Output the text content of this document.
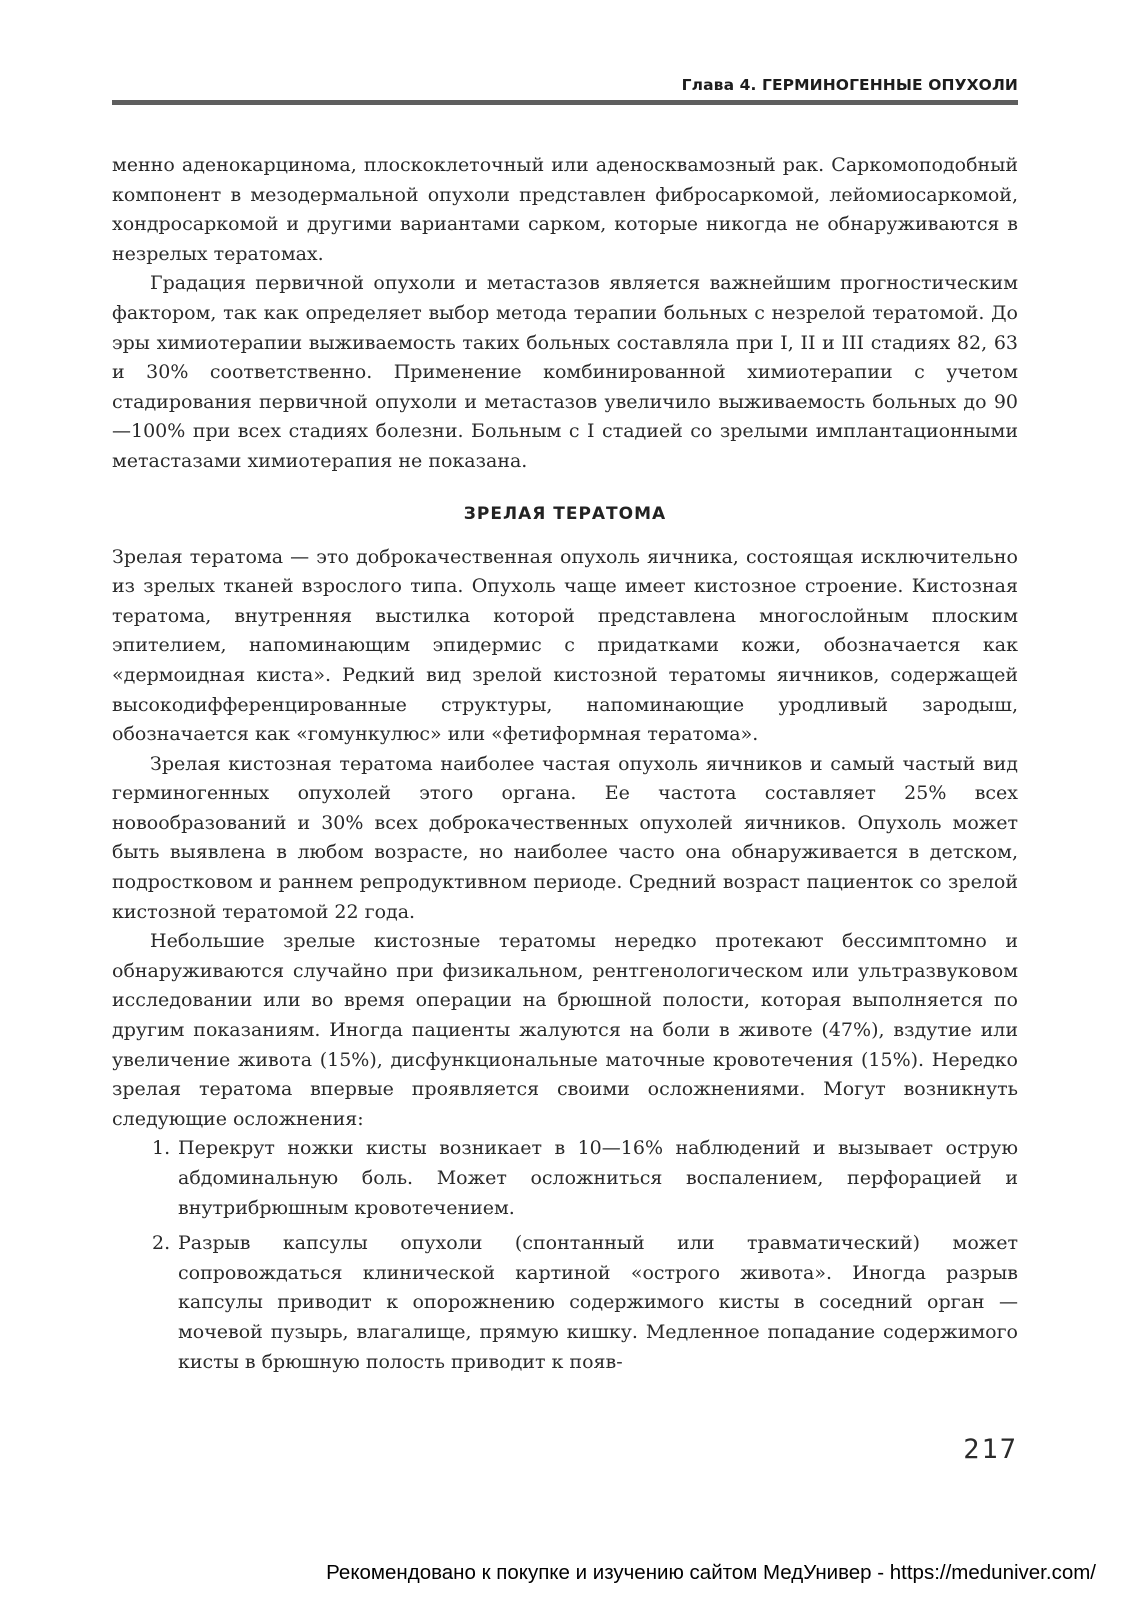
Глава 4. ГЕРМИНОГЕННЫЕ ОПУХОЛИ

менно аденокарцинома, плоскоклеточный или аденосквамозный рак. Саркомоподобный компонент в мезодермальной опухоли представлен фибросаркомой, лейомиосаркомой, хондросаркомой и другими вариантами сарком, которые никогда не обнаруживаются в незрелых тератомах.

Градация первичной опухоли и метастазов является важнейшим прогностическим фактором, так как определяет выбор метода терапии больных с незрелой тератомой. До эры химиотерапии выживаемость таких больных составляла при I, II и III стадиях 82, 63 и 30% соответственно. Применение комбинированной химиотерапии с учетом стадирования первичной опухоли и метастазов увеличило выживаемость больных до 90—100% при всех стадиях болезни. Больным с I стадией со зрелыми имплантационными метастазами химиотерапия не показана.

ЗРЕЛАЯ ТЕРАТОМА

Зрелая тератома — это доброкачественная опухоль яичника, состоящая исключительно из зрелых тканей взрослого типа. Опухоль чаще имеет кистозное строение. Кистозная тератома, внутренняя выстилка которой представлена многослойным плоским эпителием, напоминающим эпидермис с придатками кожи, обозначается как «дермоидная киста». Редкий вид зрелой кистозной тератомы яичников, содержащей высокодифференцированные структуры, напоминающие уродливый зародыш, обозначается как «гомункулюс» или «фетиформная тератома».

Зрелая кистозная тератома наиболее частая опухоль яичников и самый частый вид герминогенных опухолей этого органа. Ее частота составляет 25% всех новообразований и 30% всех доброкачественных опухолей яичников. Опухоль может быть выявлена в любом возрасте, но наиболее часто она обнаруживается в детском, подростковом и раннем репродуктивном периоде. Средний возраст пациенток со зрелой кистозной тератомой 22 года.

Небольшие зрелые кистозные тератомы нередко протекают бессимптомно и обнаруживаются случайно при физикальном, рентгенологическом или ультразвуковом исследовании или во время операции на брюшной полости, которая выполняется по другим показаниям. Иногда пациенты жалуются на боли в животе (47%), вздутие или увеличение живота (15%), дисфункциональные маточные кровотечения (15%). Нередко зрелая тератома впервые проявляется своими осложнениями. Могут возникнуть следующие осложнения:

1. Перекрут ножки кисты возникает в 10—16% наблюдений и вызывает острую абдоминальную боль. Может осложниться воспалением, перфорацией и внутрибрюшным кровотечением.
2. Разрыв капсулы опухоли (спонтанный или травматический) может сопровождаться клинической картиной «острого живота». Иногда разрыв капсулы приводит к опорожнению содержимого кисты в соседний орган — мочевой пузырь, влагалище, прямую кишку. Медленное попадание содержимого кисты в брюшную полость приводит к появ-
217
Рекомендовано к покупке и изучению сайтом МедУнивер - https://meduniver.com/
